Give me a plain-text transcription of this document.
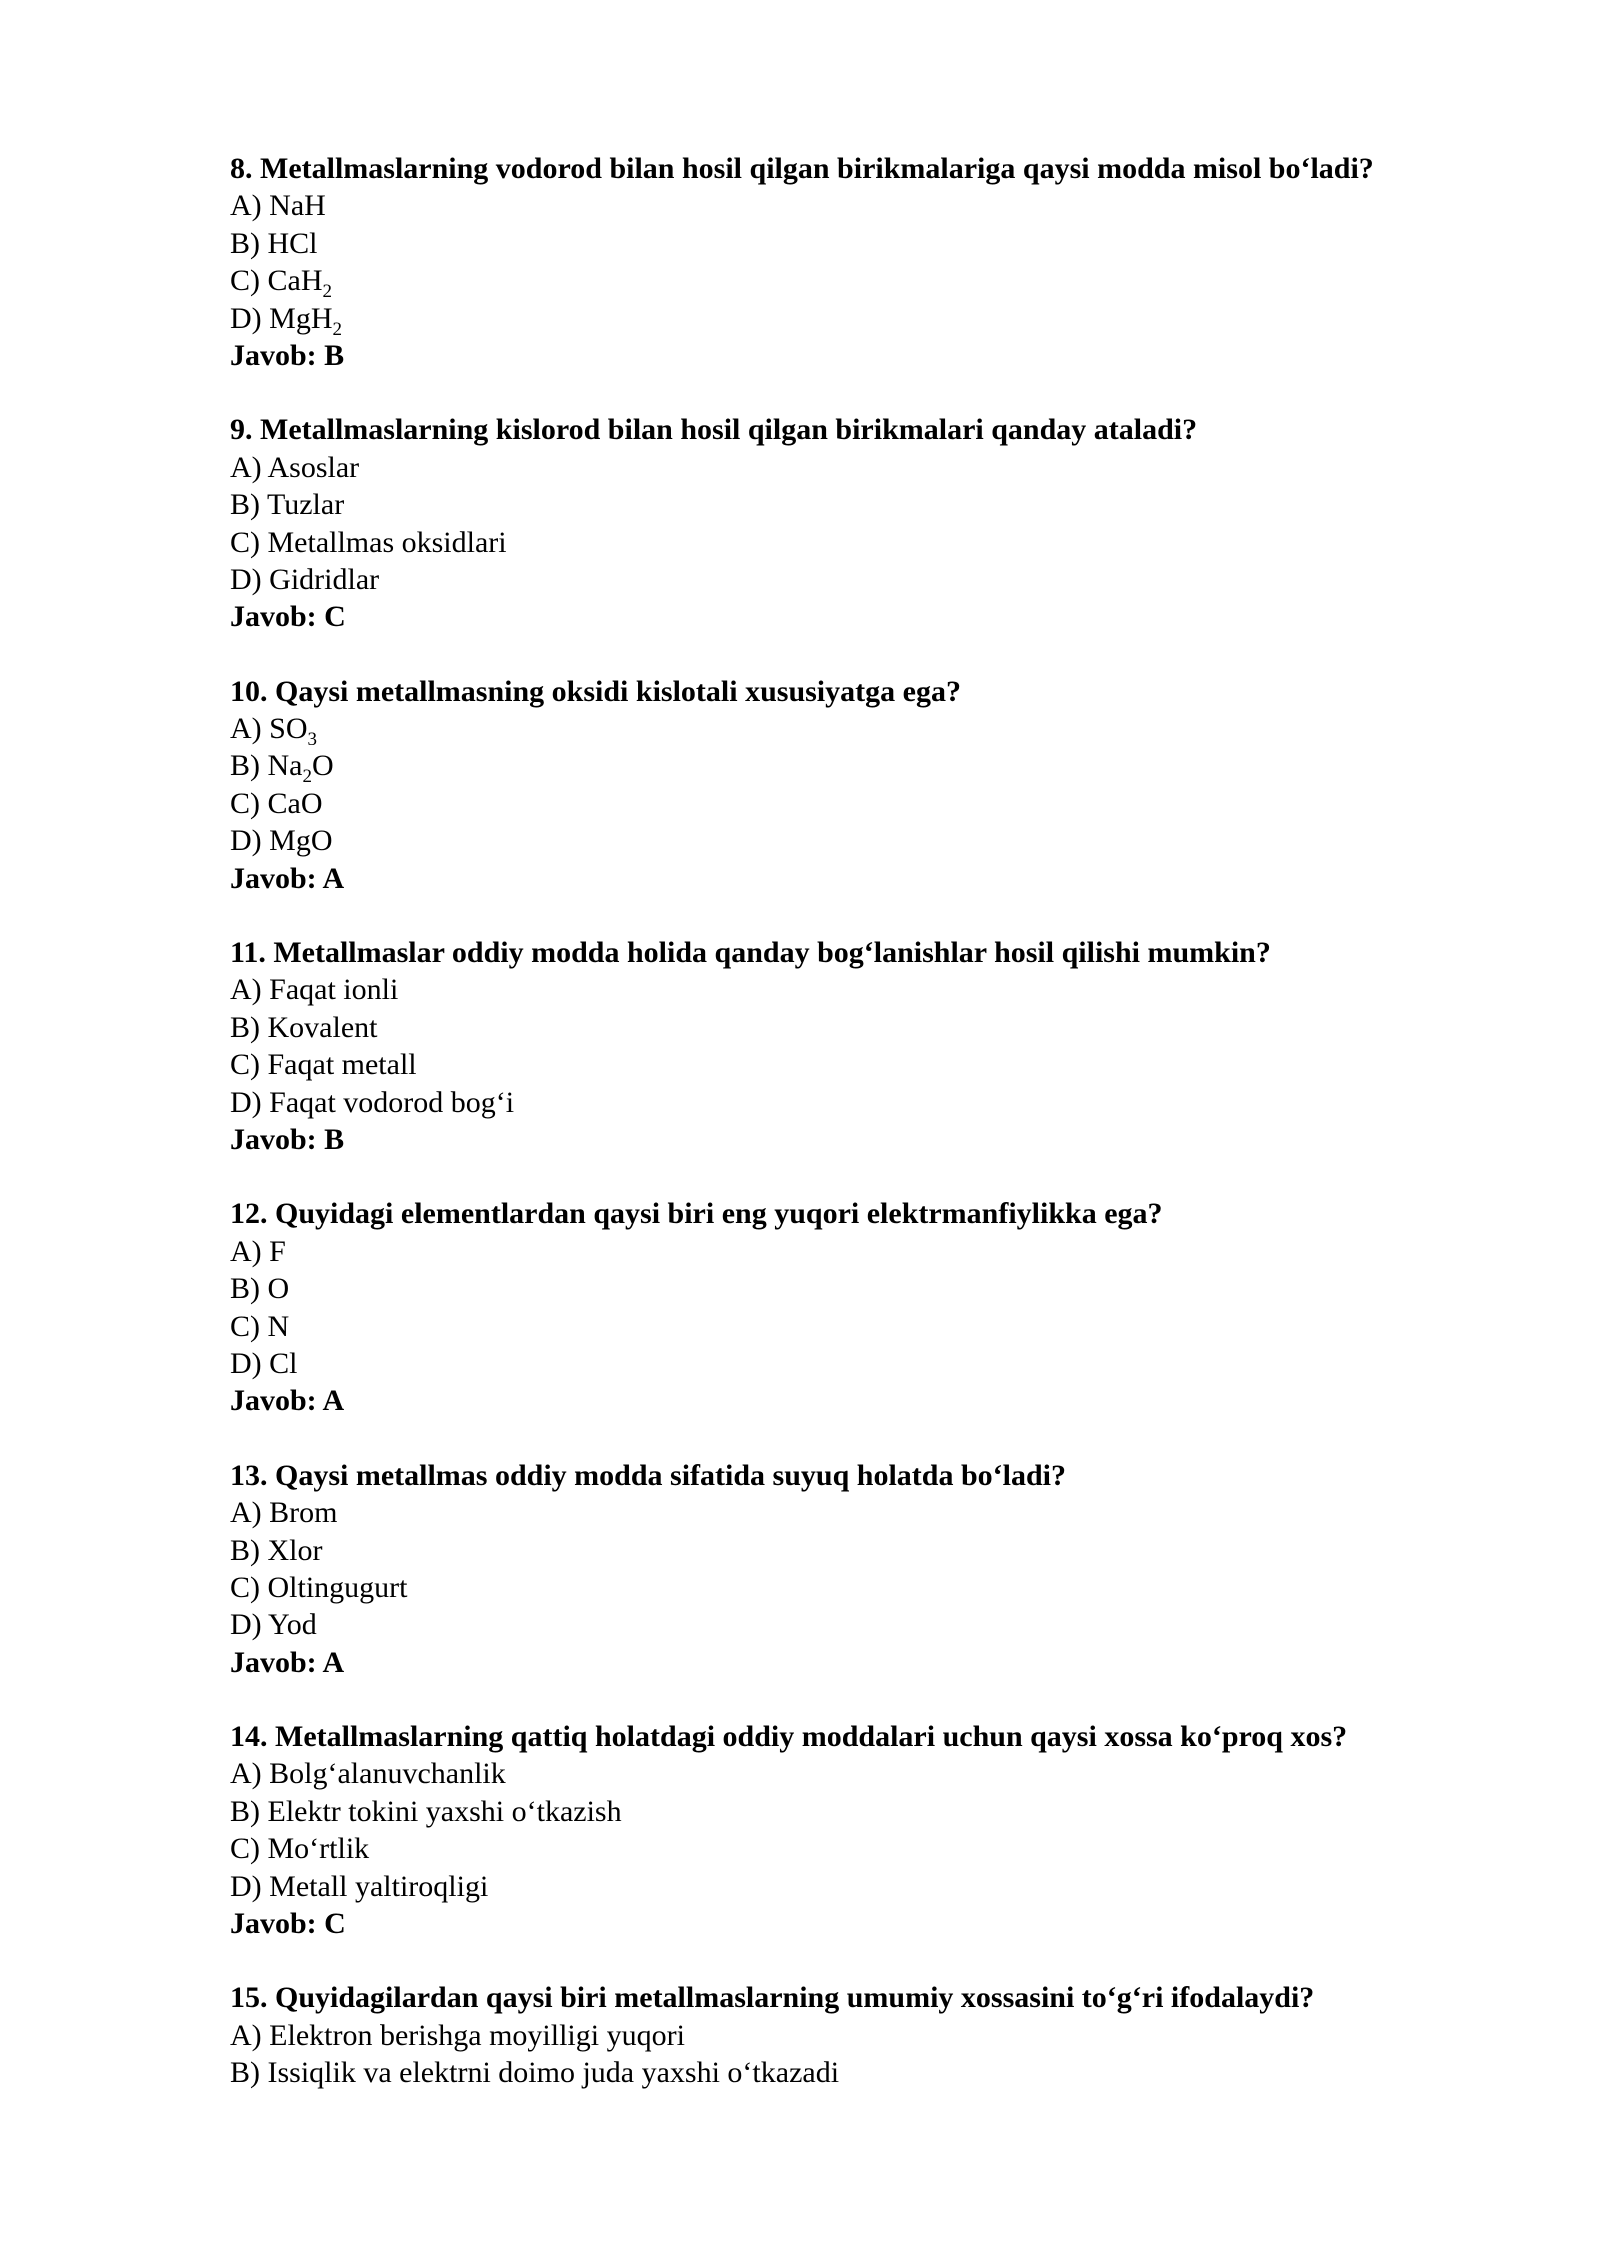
8. Metallmaslarning vodorod bilan hosil qilgan birikmalariga qaysi modda misol bo‘ladi?
A) NaH
B) HCl
C) CaH$_2$
D) MgH$_2$
Javob: B
9. Metallmaslarning kislorod bilan hosil qilgan birikmalari qanday ataladi?
A) Asoslar
B) Tuzlar
C) Metallmas oksidlari
D) Gidridlar
Javob: C
10. Qaysi metallmasning oksidi kislotali xususiyatga ega?
A) $SO_3$
B) $Na_2O$
C) CaO
D) MgO
Javob: A
11. Metallmaslar oddiy modda holida qanday bog‘lanishlar hosil qilishi mumkin?
A) Faqat ionli
B) Kovalent
C) Faqat metall
D) Faqat vodorod bog‘i
Javob: B
12. Quyidagi elementlardan qaysi biri eng yuqori elektrmanfiylikka ega?
A) F
B) O
C) N
D) Cl
Javob: A
13. Qaysi metallmas oddiy modda sifatida suyuq holatda bo‘ladi?
A) Brom
B) Xlor
C) Oltingugurt
D) Yod
Javob: A
14. Metallmaslarning qattiq holatdagi oddiy moddalari uchun qaysi xossa ko‘proq xos?
A) Bolg‘alanuvchanlik
B) Elektr tokini yaxshi o‘tkazish
C) Mo‘rtlik
D) Metall yaltiroqligi
Javob: C
15. Quyidagilardan qaysi biri metallmaslarning umumiy xossasini to‘g‘ri ifodalaydi?
A) Elektron berishga moyilligi yuqori
B) Issiqlik va elektrni doimo juda yaxshi o‘tkazadi
